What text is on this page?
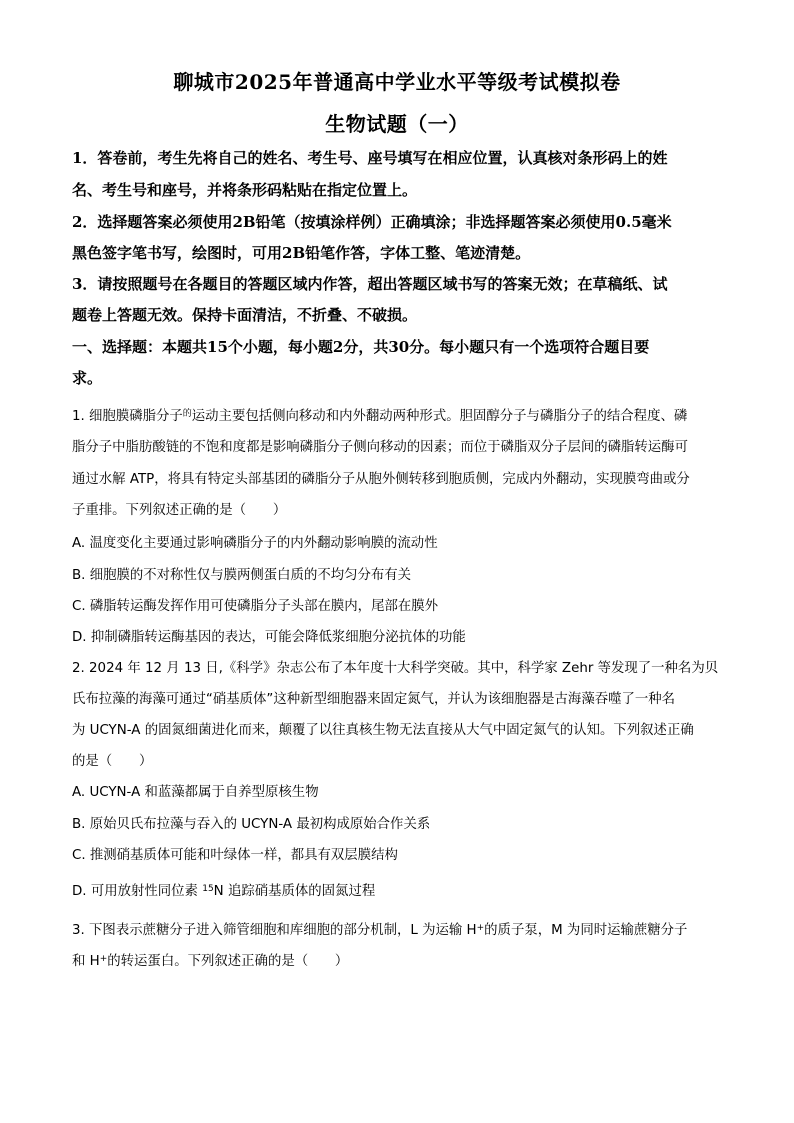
聊城市2025年普通高中学业水平等级考试模拟卷
生物试题（一）
1．答卷前，考生先将自己的姓名、考生号、座号填写在相应位置，认真核对条形码上的姓
名、考生号和座号，并将条形码粘贴在指定位置上。
2．选择题答案必须使用2B铅笔（按填涂样例）正确填涂；非选择题答案必须使用0.5毫米
黑色签字笔书写，绘图时，可用2B铅笔作答，字体工整、笔迹清楚。
3．请按照题号在各题目的答题区域内作答，超出答题区域书写的答案无效；在草稿纸、试
题卷上答题无效。保持卡面清洁，不折叠、不破损。
一、选择题：本题共15个小题，每小题2分，共30分。每小题只有一个选项符合题目要
求。
1. 细胞膜磷脂分子$^的$运动主要包括侧向移动和内外翻动两种形式。胆固醇分子与磷脂分子的结合程度、磷
脂分子中脂肪酸链的不饱和度都是影响磷脂分子侧向移动的因素；而位于磷脂双分子层间的磷脂转运酶可
通过水解 ATP，将具有特定头部基团的磷脂分子从胞外侧转移到胞质侧，完成内外翻动，实现膜弯曲或分
子重排。下列叙述正确的是（　　）
A. 温度变化主要通过影响磷脂分子的内外翻动影响膜的流动性
B. 细胞膜的不对称性仅与膜两侧蛋白质的不均匀分布有关
C. 磷脂转运酶发挥作用可使磷脂分子头部在膜内，尾部在膜外
D. 抑制磷脂转运酶基因的表达，可能会降低浆细胞分泌抗体的功能
2. 2024 年 12 月 13 日,《科学》杂志公布了本年度十大科学突破。其中，科学家 Zehr 等发现了一种名为贝
氏布拉藻的海藻可通过“硝基质体”这种新型细胞器来固定氮气，并认为该细胞器是古海藻吞噬了一种名
为 UCYN-A 的固氮细菌进化而来，颠覆了以往真核生物无法直接从大气中固定氮气的认知。下列叙述正确
的是（　　）
A. UCYN-A 和蓝藻都属于自养型原核生物
B. 原始贝氏布拉藻与吞入的 UCYN-A 最初构成原始合作关系
C. 推测硝基质体可能和叶绿体一样，都具有双层膜结构
D. 可用放射性同位素 $^{15}$N 追踪硝基质体的固氮过程
3. 下图表示蔗糖分子进入筛管细胞和库细胞的部分机制，L 为运输 H+的质子泵，M 为同时运输蔗糖分子
和 H+的转运蛋白。下列叙述正确的是（　　）
